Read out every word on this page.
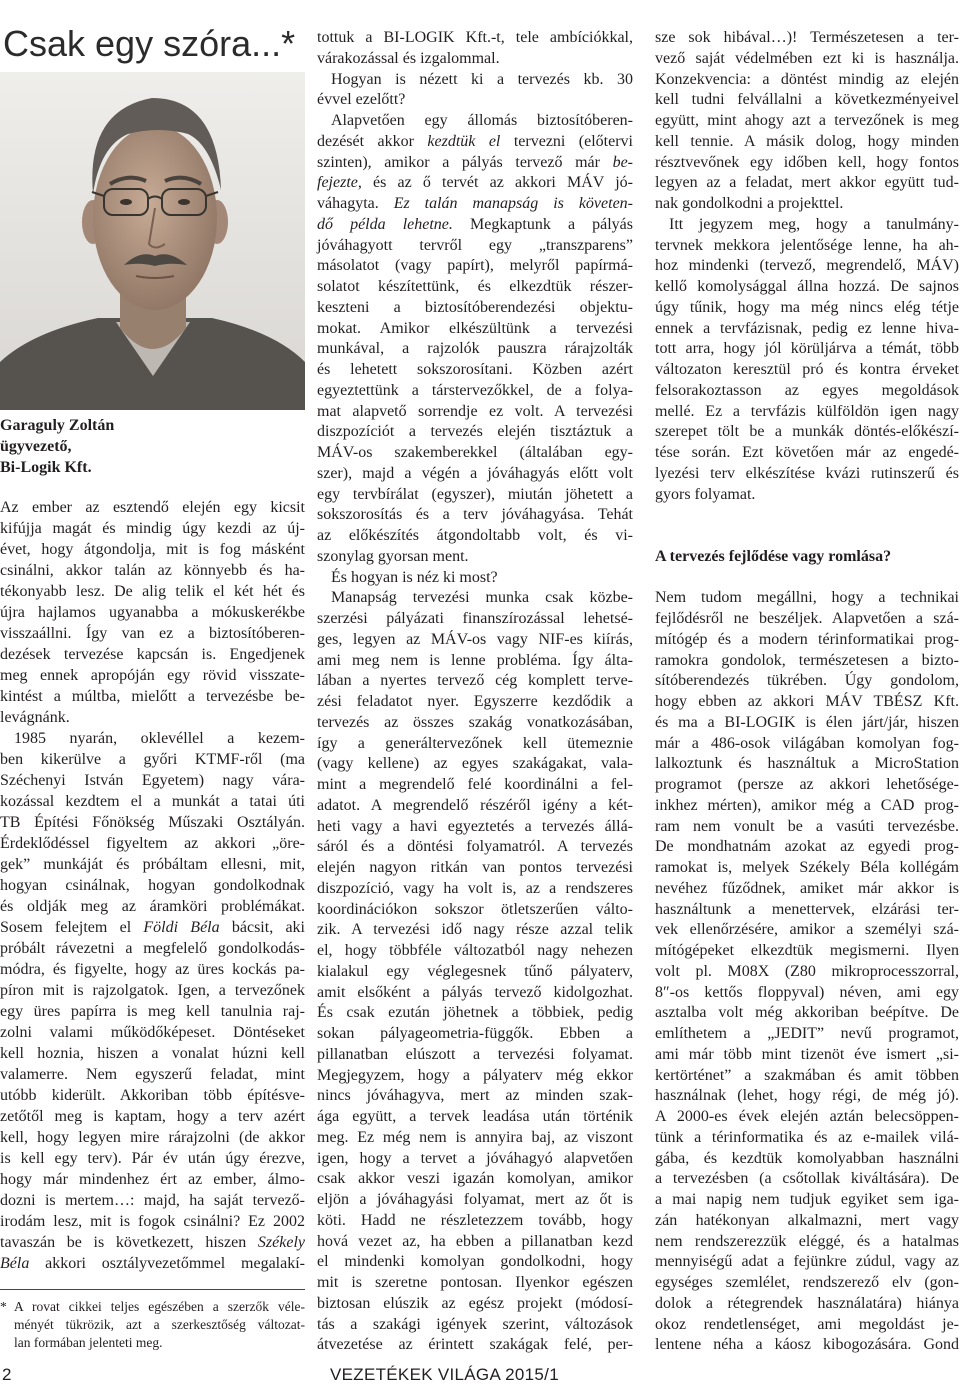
Csak egy szóra...*
Garaguly Zoltán
ügyvezető,
Bi-Logik Kft.
Az ember az esztendő elején egy kicsit
kifújja magát és mindig úgy kezdi az új-
évet, hogy átgondolja, mit is fog másként
csinálni, akkor talán az könnyebb és ha-
tékonyabb lesz. De alig telik el két hét és
újra hajlamos ugyanabba a mókuskerékbe
visszaállni. Így van ez a biztosítóberen-
dezések tervezése kapcsán is. Engedjenek
meg ennek apropóján egy rövid visszate-
kintést a múltba, mielőtt a tervezésbe be-
levágnánk.
1985 nyarán, oklevéllel a kezem-
ben kikerülve a győri KTMF-ről (ma
Széchenyi István Egyetem) nagy vára-
kozással kezdtem el a munkát a tatai úti
TB Építési Főnökség Műszaki Osztályán.
Érdeklődéssel figyeltem az akkori „öre-
gek” munkáját és próbáltam ellesni, mit,
hogyan csinálnak, hogyan gondolkodnak
és oldják meg az áramköri problémákat.
Sosem felejtem el Földi Béla bácsit, aki
próbált rávezetni a megfelelő gondolkodás-
módra, és figyelte, hogy az üres kockás pa-
píron mit is rajzolgatok. Igen, a tervezőnek
egy üres papírra is meg kell tanulnia raj-
zolni valami működőképeset. Döntéseket
kell hoznia, hiszen a vonalat húzni kell
valamerre. Nem egyszerű feladat, mint
utóbb kiderült. Akkoriban több építésve-
zetőtől meg is kaptam, hogy a terv azért
kell, hogy legyen mire rárajzolni (de akkor
is kell egy terv). Pár év után úgy érezve,
hogy már mindenhez ért az ember, álmo-
dozni is mertem…: majd, ha saját tervező-
irodám lesz, mit is fogok csinálni? Ez 2002
tavaszán be is következett, hiszen Székely
Béla akkori osztályvezetőmmel megalakí-
* A rovat cikkei teljes egészében a szerzők véle-
ményét tükrözik, azt a szerkesztőség változat-
lan formában jelenteti meg.
tottuk a BI-LOGIK Kft.-t, tele ambíciókkal,
várakozással és izgalommal.
Hogyan is nézett ki a tervezés kb. 30
évvel ezelőtt?
Alapvetően egy állomás biztosítóberen-
dezését akkor kezdtük el tervezni (előtervi
szinten), amikor a pályás tervező már be-
fejezte, és az ő tervét az akkori MÁV jó-
váhagyta. Ez talán manapság is követen-
dő példa lehetne. Megkaptunk a pályás
jóváhagyott tervről egy „transzparens”
másolatot (vagy papírt), melyről papírmá-
solatot készítettünk, és elkezdtük részer-
keszteni a biztosítóberendezési objektu-
mokat. Amikor elkészültünk a tervezési
munkával, a rajzolók pauszra rárajzolták
és lehetett sokszorosítani. Közben azért
egyeztettünk a társtervezőkkel, de a folya-
mat alapvető sorrendje ez volt. A tervezési
diszpozíciót a tervezés elején tisztáztuk a
MÁV-os szakemberekkel (általában egy-
szer), majd a végén a jóváhagyás előtt volt
egy tervbírálat (egyszer), miután jöhetett a
sokszorosítás és a terv jóváhagyása. Tehát
az előkészítés átgondoltabb volt, és vi-
szonylag gyorsan ment.
És hogyan is néz ki most?
Manapság tervezési munka csak közbe-
szerzési pályázati finanszírozással lehetsé-
ges, legyen az MÁV-os vagy NIF-es kiírás,
ami meg nem is lenne probléma. Így álta-
lában a nyertes tervező cég komplett terve-
zési feladatot nyer. Egyszerre kezdődik a
tervezés az összes szakág vonatkozásában,
így a generáltervezőnek kell ütemeznie
(vagy kellene) az egyes szakágakat, vala-
mint a megrendelő felé koordinálni a fel-
adatot. A megrendelő részéről igény a két-
heti vagy a havi egyeztetés a tervezés állá-
sáról és a döntési folyamatról. A tervezés
elején nagyon ritkán van pontos tervezési
diszpozíció, vagy ha volt is, az a rendszeres
koordinációkon sokszor ötletszerűen válto-
zik. A tervezési idő nagy része azzal telik
el, hogy többféle változatból nagy nehezen
kialakul egy véglegesnek tűnő pályaterv,
amit elsőként a pályás tervező kidolgozhat.
És csak ezután jöhetnek a többiek, pedig
sokan pályageometria-függők. Ebben a
pillanatban elúszott a tervezési folyamat.
Megjegyzem, hogy a pályaterv még ekkor
nincs jóváhagyva, mert az minden szak-
ága együtt, a tervek leadása után történik
meg. Ez még nem is annyira baj, az viszont
igen, hogy a tervet a jóváhagyó alapvetően
csak akkor veszi igazán komolyan, amikor
eljön a jóváhagyási folyamat, mert az őt is
köti. Hadd ne részletezzem tovább, hogy
hová vezet az, ha ebben a pillanatban kezd
el mindenki komolyan gondolkodni, hogy
mit is szeretne pontosan. Ilyenkor egészen
biztosan elúszik az egész projekt (módosí-
tás a szakági igények szerint, változások
átvezetése az érintett szakágak felé, per-
sze sok hibával…)! Természetesen a ter-
vező saját védelmében ezt ki is használja.
Konzekvencia: a döntést mindig az elején
kell tudni felvállalni a következményeivel
együtt, mint ahogy azt a tervezőnek is meg
kell tennie. A másik dolog, hogy minden
résztvevőnek egy időben kell, hogy fontos
legyen az a feladat, mert akkor együtt tud-
nak gondolkodni a projekttel.
Itt jegyzem meg, hogy a tanulmány-
tervnek mekkora jelentősége lenne, ha ah-
hoz mindenki (tervező, megrendelő, MÁV)
kellő komolysággal állna hozzá. De sajnos
úgy tűnik, hogy ma még nincs elég tétje
ennek a tervfázisnak, pedig ez lenne hiva-
tott arra, hogy jól körüljárva a témát, több
változaton keresztül pró és kontra érveket
felsorakoztasson az egyes megoldások
mellé. Ez a tervfázis külföldön igen nagy
szerepet tölt be a munkák döntés-előkészí-
tése során. Ezt követően már az engedé-
lyezési terv elkészítése kvázi rutinszerű és
gyors folyamat.
A tervezés fejlődése vagy romlása?
Nem tudom megállni, hogy a technikai
fejlődésről ne beszéljek. Alapvetően a szá-
mítógép és a modern térinformatikai prog-
ramokra gondolok, természetesen a bizto-
sítóberendezés tükrében. Úgy gondolom,
hogy ebben az akkori MÁV TBÉSZ Kft.
és ma a BI-LOGIK is élen járt/jár, hiszen
már a 486-osok világában komolyan fog-
lalkoztunk és használtuk a MicroStation
programot (persze az akkori lehetősége-
inkhez mérten), amikor még a CAD prog-
ram nem vonult be a vasúti tervezésbe.
De mondhatnám azokat az egyedi prog-
ramokat is, melyek Székely Béla kollégám
nevéhez fűződnek, amiket már akkor is
használtunk a menettervek, elzárási ter-
vek ellenőrzésére, amikor a személyi szá-
mítógépeket elkezdtük megismerni. Ilyen
volt pl. M08X (Z80 mikroprocesszorral,
8″-os kettős floppyval) néven, ami egy
asztalba volt még akkoriban beépítve. De
említhetem a „JEDIT” nevű programot,
ami már több mint tizenöt éve ismert „si-
kertörténet” a szakmában és amit többen
használnak (lehet, hogy régi, de még jó).
A 2000-es évek elején aztán belecsöppen-
tünk a térinformatika és az e-mailek vilá-
gába, és kezdtük komolyabban használni
a tervezésben (a csőtollak kiváltására). De
a mai napig nem tudjuk egyiket sem iga-
zán hatékonyan alkalmazni, mert vagy
nem rendszerezzük eléggé, és a hatalmas
mennyiségű adat a fejünkre zúdul, vagy az
egységes szemlélet, rendszerező elv (gon-
dolok a rétegrendek használatára) hiánya
okoz rendetlenséget, ami megoldást je-
lentene néha a káosz kibogozására. Gond
2	VEZETÉKEK VILÁGA 2015/1
